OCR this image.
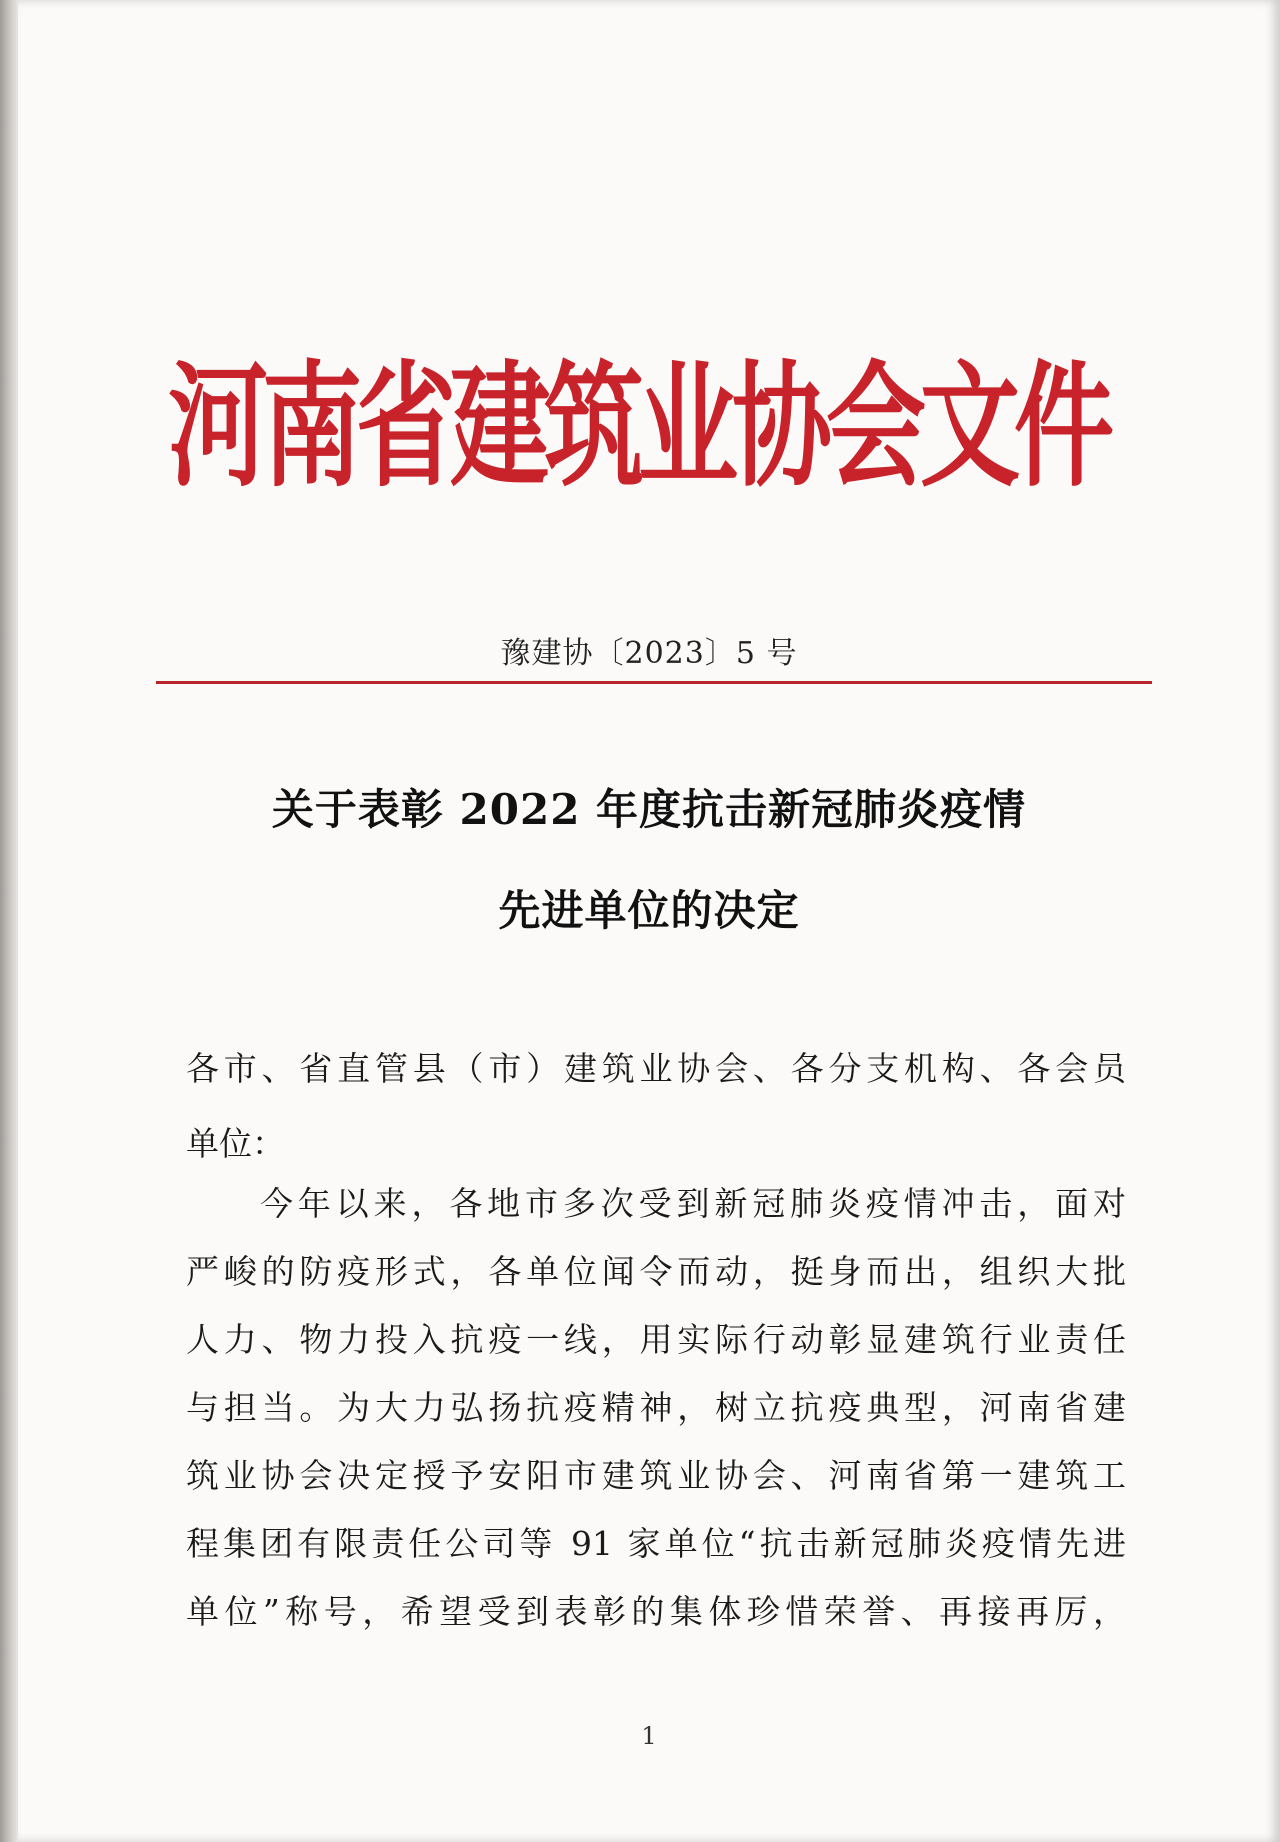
河南省建筑业协会文件
豫建协〔2023〕5 号
关于表彰 2022 年度抗击新冠肺炎疫情
先进单位的决定
各市、省直管县（市）建筑业协会、各分支机构、各会员
单位：
今年以来，各地市多次受到新冠肺炎疫情冲击，面对
严峻的防疫形式，各单位闻令而动，挺身而出，组织大批
人力、物力投入抗疫一线，用实际行动彰显建筑行业责任
与担当。为大力弘扬抗疫精神，树立抗疫典型，河南省建
筑业协会决定授予安阳市建筑业协会、河南省第一建筑工
程集团有限责任公司等 91 家单位“抗击新冠肺炎疫情先进
单位”称号，希望受到表彰的集体珍惜荣誉、再接再厉，
1
